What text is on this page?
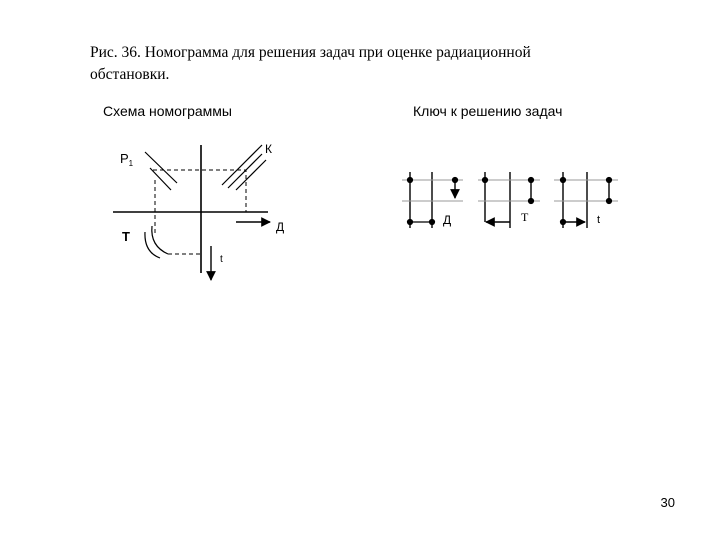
Рис. 36. Номограмма для решения задач при оценке радиационной
обстановки.

Схема номограммы	Ключ к решению задач

$Р_1$
К
Д
Т
t
Д	Т	t
30
